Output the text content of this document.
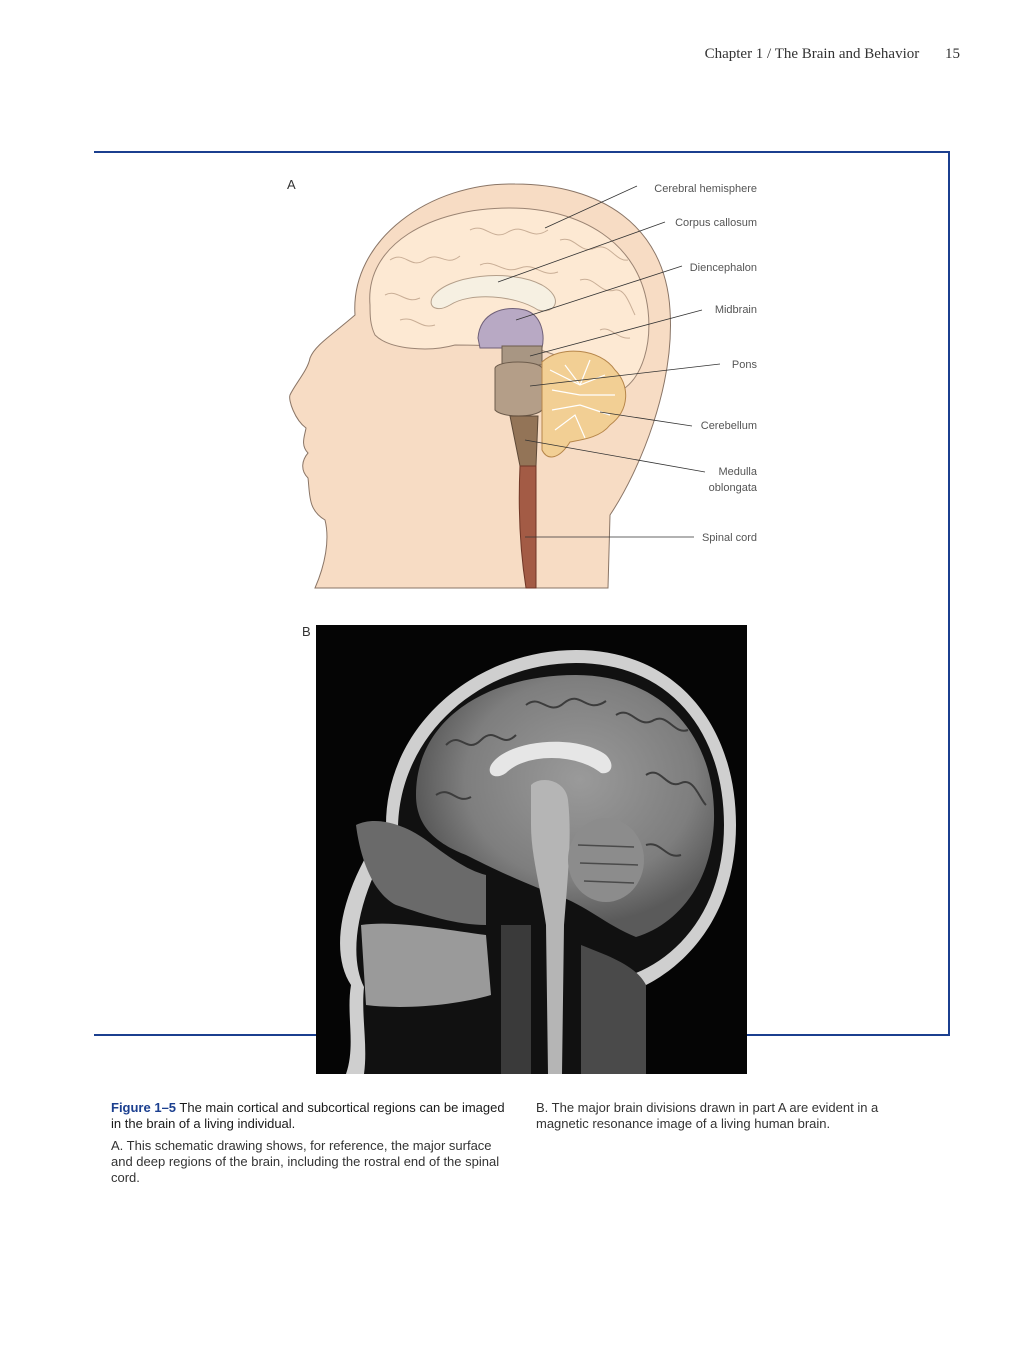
Chapter 1 / The Brain and Behavior 15
A	Cerebral hemisphere
Corpus callosum
Diencephalon
Midbrain
Pons
Cerebellum
Medulla
oblongata
Spinal cord
B

Figure 1–5 The main cortical and subcortical regions can be imaged in the brain of a living individual.

A. This schematic drawing shows, for reference, the major surface and deep regions of the brain, including the rostral end of the spinal cord.

B. The major brain divisions drawn in part A are evident in a magnetic resonance image of a living human brain.
